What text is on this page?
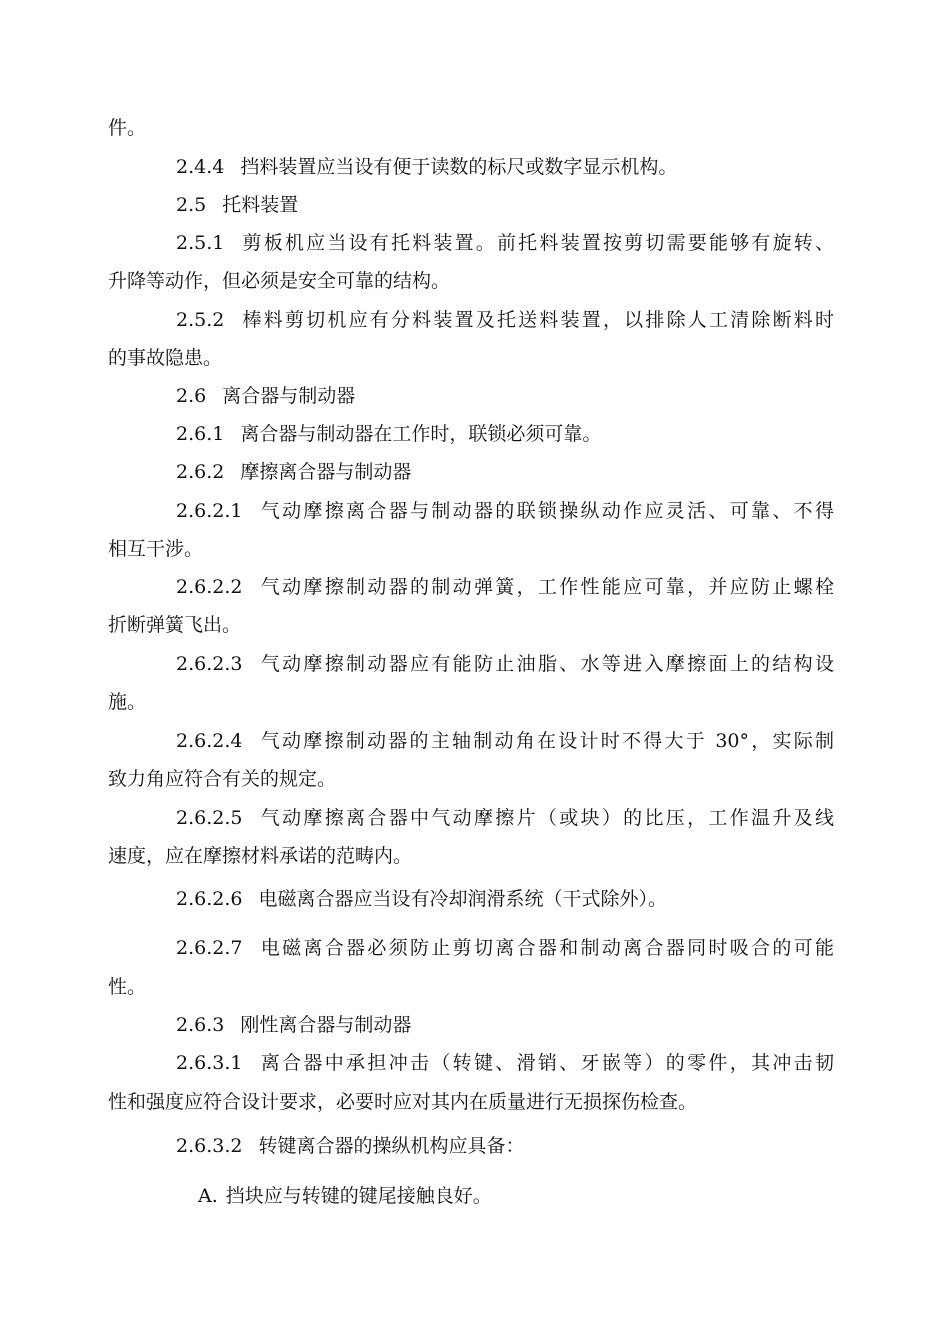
件。
2.4.4 挡料装置应当设有便于读数的标尺或数字显示机构。
2.5 托料装置
2.5.1 剪板机应当设有托料装置。前托料装置按剪切需要能够有旋转、
升降等动作，但必须是安全可靠的结构。
2.5.2 棒料剪切机应有分料装置及托送料装置，以排除人工清除断料时
的事故隐患。
2.6 离合器与制动器
2.6.1 离合器与制动器在工作时，联锁必须可靠。
2.6.2 摩擦离合器与制动器
2.6.2.1 气动摩擦离合器与制动器的联锁操纵动作应灵活、可靠、不得
相互干涉。
2.6.2.2 气动摩擦制动器的制动弹簧，工作性能应可靠，并应防止螺栓
折断弹簧飞出。
2.6.2.3 气动摩擦制动器应有能防止油脂、水等进入摩擦面上的结构设
施。
2.6.2.4 气动摩擦制动器的主轴制动角在设计时不得大于 30°，实际制
致力角应符合有关的规定。
2.6.2.5 气动摩擦离合器中气动摩擦片（或块）的比压，工作温升及线
速度，应在摩擦材料承诺的范畴内。
2.6.2.6 电磁离合器应当设有冷却润滑系统（干式除外）。
2.6.2.7 电磁离合器必须防止剪切离合器和制动离合器同时吸合的可能
性。
2.6.3 刚性离合器与制动器
2.6.3.1 离合器中承担冲击（转键、滑销、牙嵌等）的零件，其冲击韧
性和强度应符合设计要求，必要时应对其内在质量进行无损探伤检查。
2.6.3.2 转键离合器的操纵机构应具备：
A. 挡块应与转键的键尾接触良好。
